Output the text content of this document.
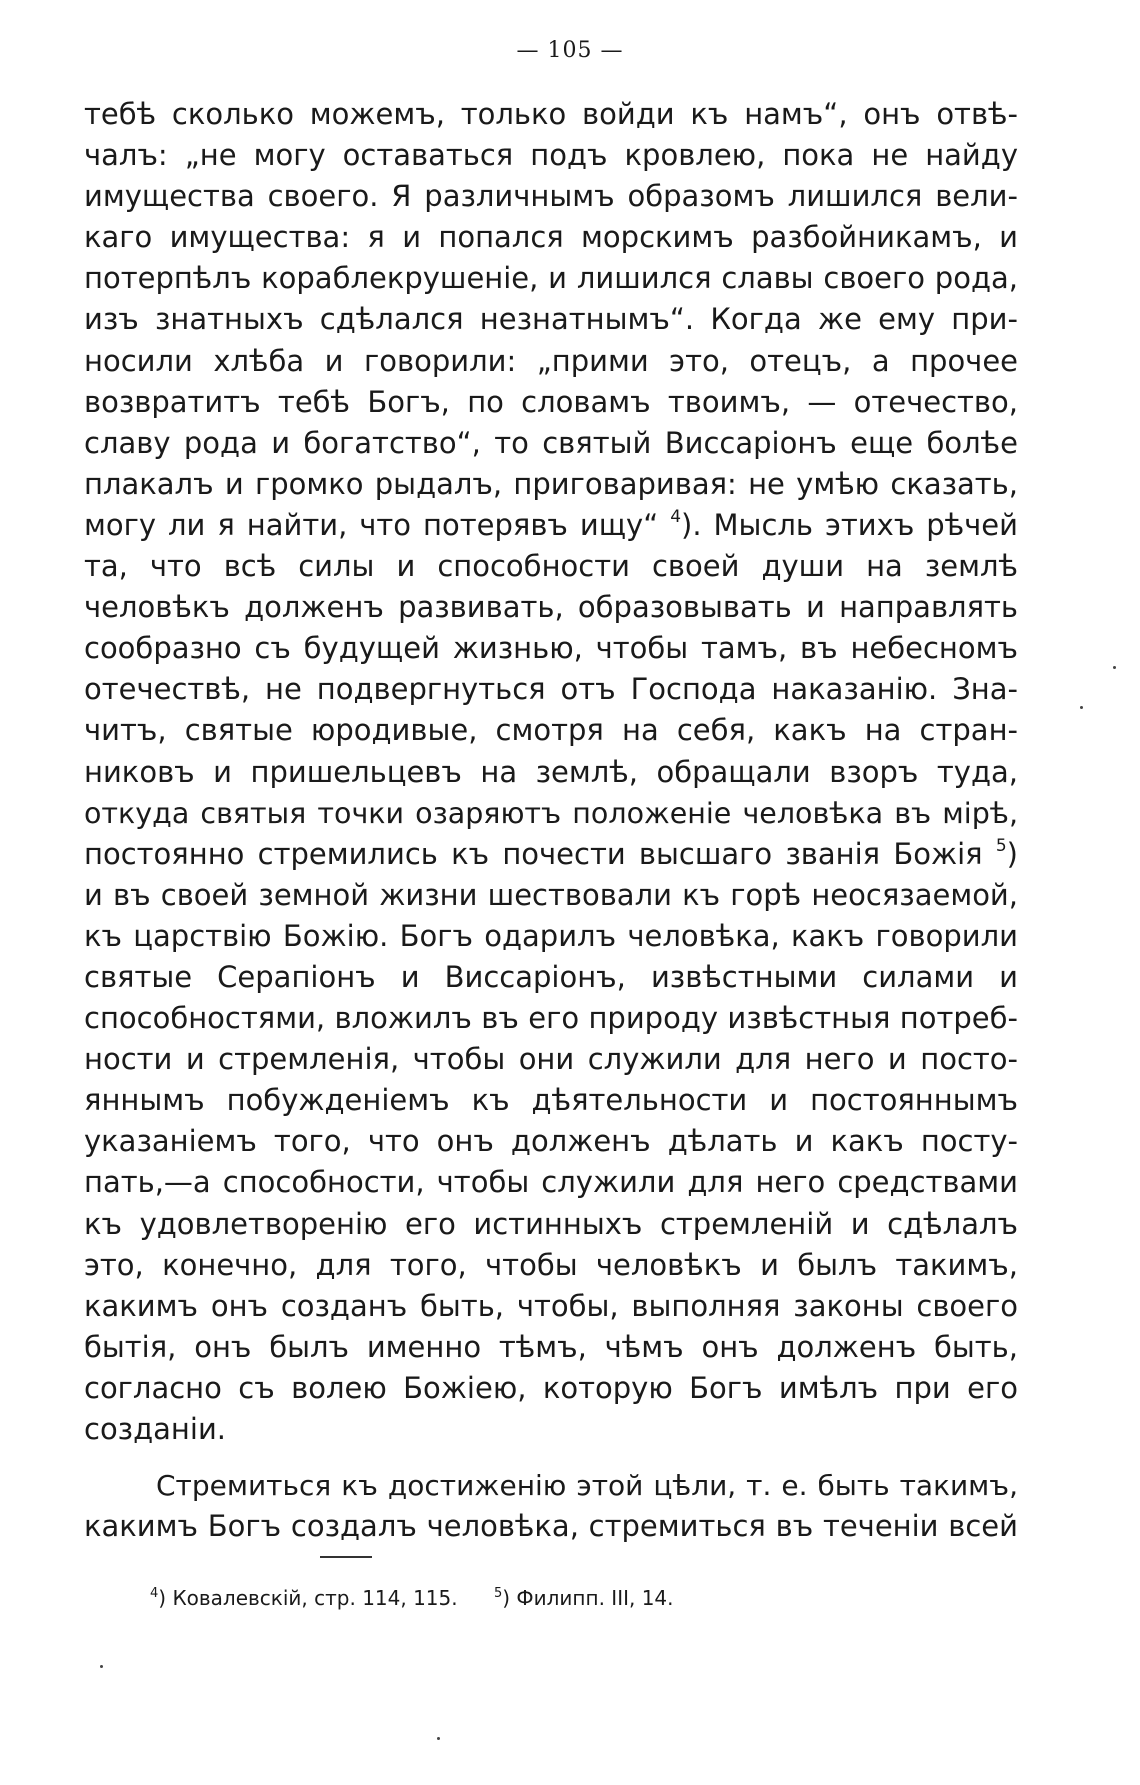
— 105 —
тебѣ сколько можемъ, только войди къ намъ“, онъ отвѣ-
чалъ: „не могу оставаться подъ кровлею, пока не найду
имущества своего. Я различнымъ образомъ лишился вели-
каго имущества: я и попался морскимъ разбойникамъ, и
потерпѣлъ кораблекрушеніе, и лишился славы своего рода,
изъ знатныхъ сдѣлался незнатнымъ“. Когда же ему при-
носили хлѣба и говорили: „прими это, отецъ, а прочее
возвратитъ тебѣ Богъ, по словамъ твоимъ, — отечество,
славу рода и богатство“, то святый Виссаріонъ еще болѣе
плакалъ и громко рыдалъ, приговаривая: не умѣю сказать,
могу ли я найти, что потерявъ ищу“ $^4$). Мысль этихъ рѣчей
та, что всѣ силы и способности своей души на землѣ
человѣкъ долженъ развивать, образовывать и направлять
сообразно съ будущей жизнью, чтобы тамъ, въ небесномъ
отечествѣ, не подвергнуться отъ Господа наказанію. Зна-
читъ, святые юродивые, смотря на себя, какъ на стран-
никовъ и пришельцевъ на землѣ, обращали взоръ туда,
откуда святыя точки озаряютъ положеніе человѣка въ мірѣ,
постоянно стремились къ почести высшаго званія Божія $^5$)
и въ своей земной жизни шествовали къ горѣ неосязаемой,
къ царствію Божію. Богъ одарилъ человѣка, какъ говорили
святые Серапіонъ и Виссаріонъ, извѣстными силами и
способностями, вложилъ въ его природу извѣстныя потреб-
ности и стремленія, чтобы они служили для него и посто-
яннымъ побужденіемъ къ дѣятельности и постояннымъ
указаніемъ того, что онъ долженъ дѣлать и какъ посту-
пать,—а способности, чтобы служили для него средствами
къ удовлетворенію его истинныхъ стремленій и сдѣлалъ
это, конечно, для того, чтобы человѣкъ и былъ такимъ,
какимъ онъ созданъ быть, чтобы, выполняя законы своего
бытія, онъ былъ именно тѣмъ, чѣмъ онъ долженъ быть,
согласно съ волею Божіею, которую Богъ имѣлъ при его
созданіи.
Стремиться къ достиженію этой цѣли, т. е. быть такимъ,
какимъ Богъ создалъ человѣка, стремиться въ теченіи всей
$^4$) Ковалевскій, стр. 114, 115.	$^5$) Филипп. III, 14.
